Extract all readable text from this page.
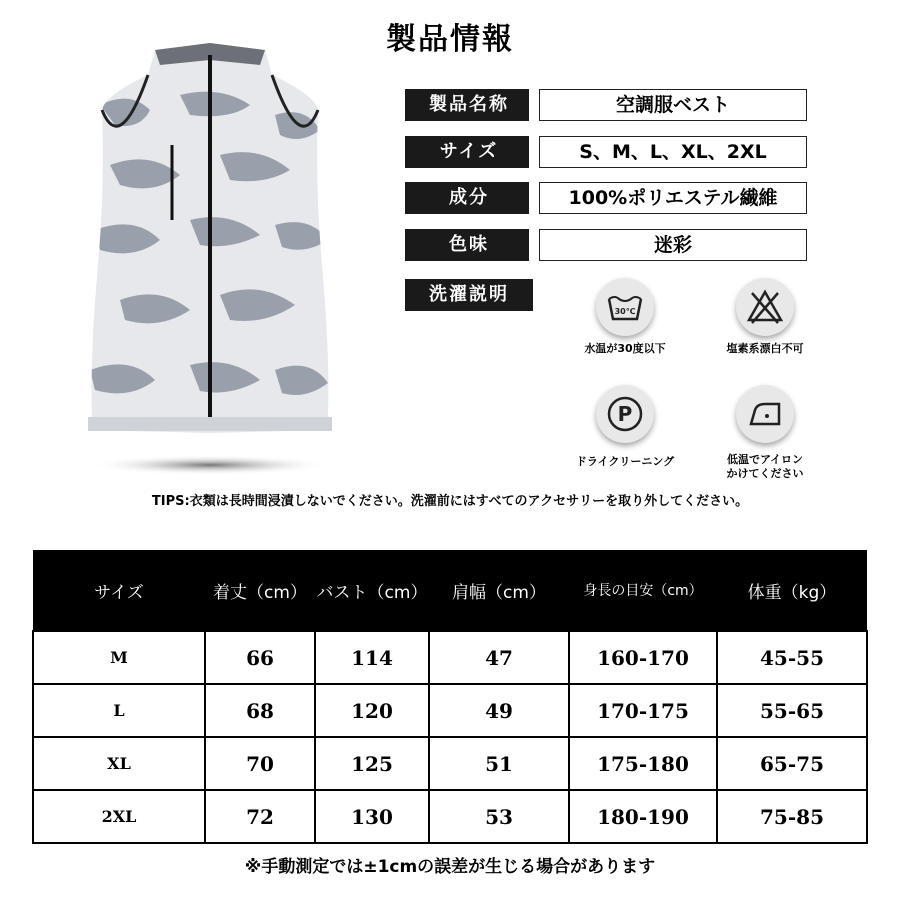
製品情報
製品名称	空調服ベスト
サイズ	S、M、L、XL、2XL
成分	100%ポリエステル繊維
色味	迷彩
洗濯説明
30℃
水温が30度以下	塩素系漂白不可
P
ドライクリーニング	低温でアイロン
かけてください
TIPS:衣類は長時間浸漬しないでください。洗濯前にはすべてのアクセサリーを取り外してください。
サイズ	着丈（cm）	バスト（cm）	肩幅（cm）	身長の目安（cm）	体重（kg）
M	66	114	47	160-170	45-55
L	68	120	49	170-175	55-65
XL	70	125	51	175-180	65-75
2XL	72	130	53	180-190	75-85
※手動測定では±1cmの誤差が生じる場合があります
